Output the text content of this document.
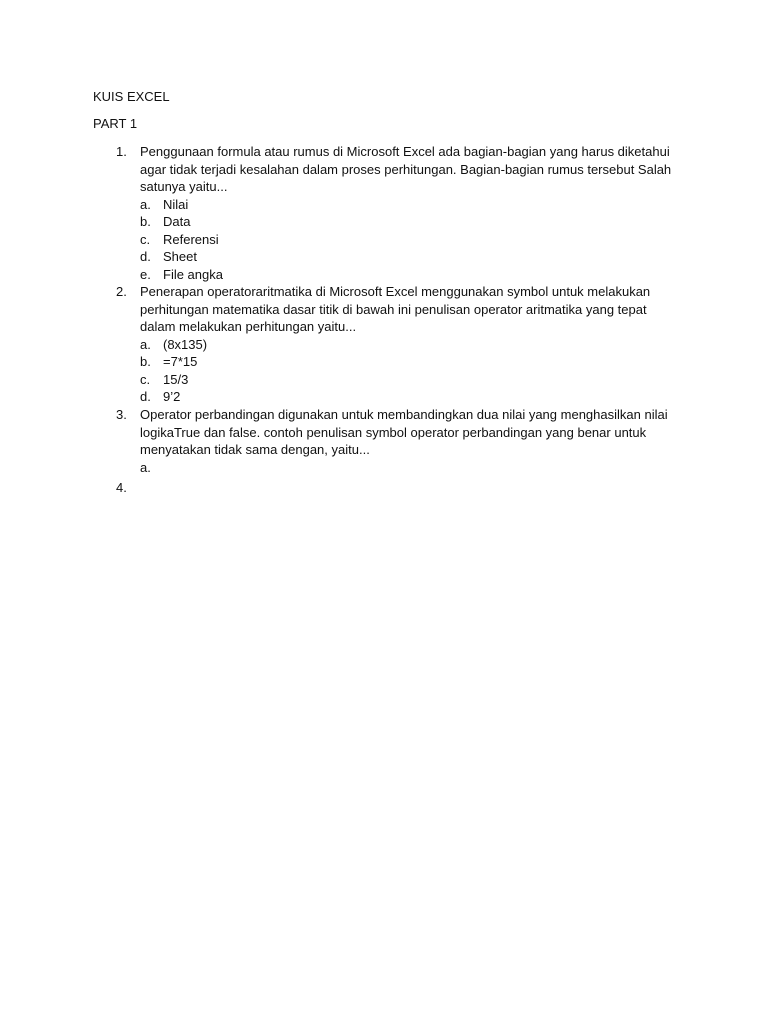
KUIS EXCEL
PART 1
1. Penggunaan formula atau rumus di Microsoft Excel ada bagian-bagian yang harus diketahui agar tidak terjadi kesalahan dalam proses perhitungan. Bagian-bagian rumus tersebut Salah satunya yaitu...
a. Nilai
b. Data
c. Referensi
d. Sheet
e. File angka
2. Penerapan operatoraritmatika di Microsoft Excel menggunakan symbol untuk melakukan perhitungan matematika dasar titik di bawah ini penulisan operator aritmatika yang tepat dalam melakukan perhitungan yaitu...
a. (8x135)
b. =7*15
c. 15/3
d. 9’2
3. Operator perbandingan digunakan untuk membandingkan dua nilai yang menghasilkan nilai logikaTrue dan false. contoh penulisan symbol operator perbandingan yang benar untuk menyatakan tidak sama dengan, yaitu...
a.
4.
